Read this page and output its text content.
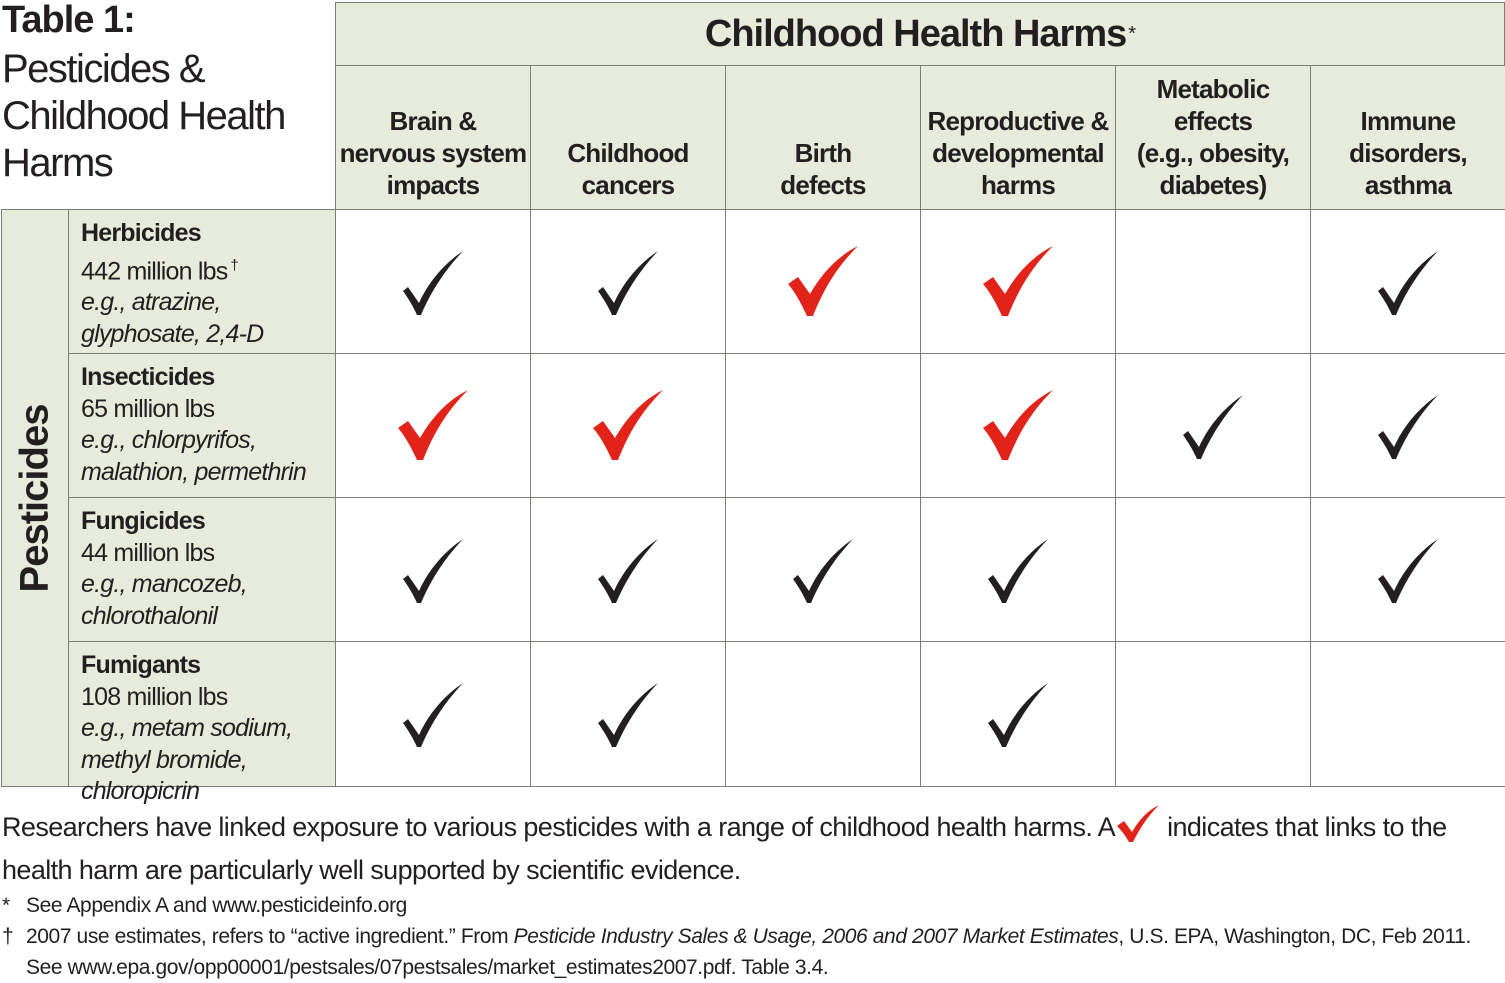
Childhood Health Harms *
Brain &
nervous system
impacts
Childhood
cancers
Birth
defects
Reproductive &
developmental
harms
Metabolic
effects
(e.g., obesity,
diabetes)
Immune
disorders,
asthma
Pesticides
Herbicides
442 million lbs †
e.g., atrazine, glyphosate, 2,4-D
Insecticides
65 million lbs
e.g., chlorpyrifos, malathion, permethrin
Fungicides
44 million lbs
e.g., mancozeb, chlorothalonil
Fumigants
108 million lbs
e.g., metam sodium, methyl bromide, chloropicrin

Table 1:

Pesticides &
Childhood Health
Harms

Researchers have linked exposure to various pesticides with a range of childhood health harms. A indicates that links to the health harm are particularly well supported by scientific evidence.

* See Appendix A and www.pesticideinfo.org
† 2007 use estimates, refers to “active ingredient.” From Pesticide Industry Sales & Usage, 2006 and 2007 Market Estimates, U.S. EPA, Washington, DC, Feb 2011. See www.epa.gov/opp00001/pestsales/07pestsales/market_estimates2007.pdf. Table 3.4.
